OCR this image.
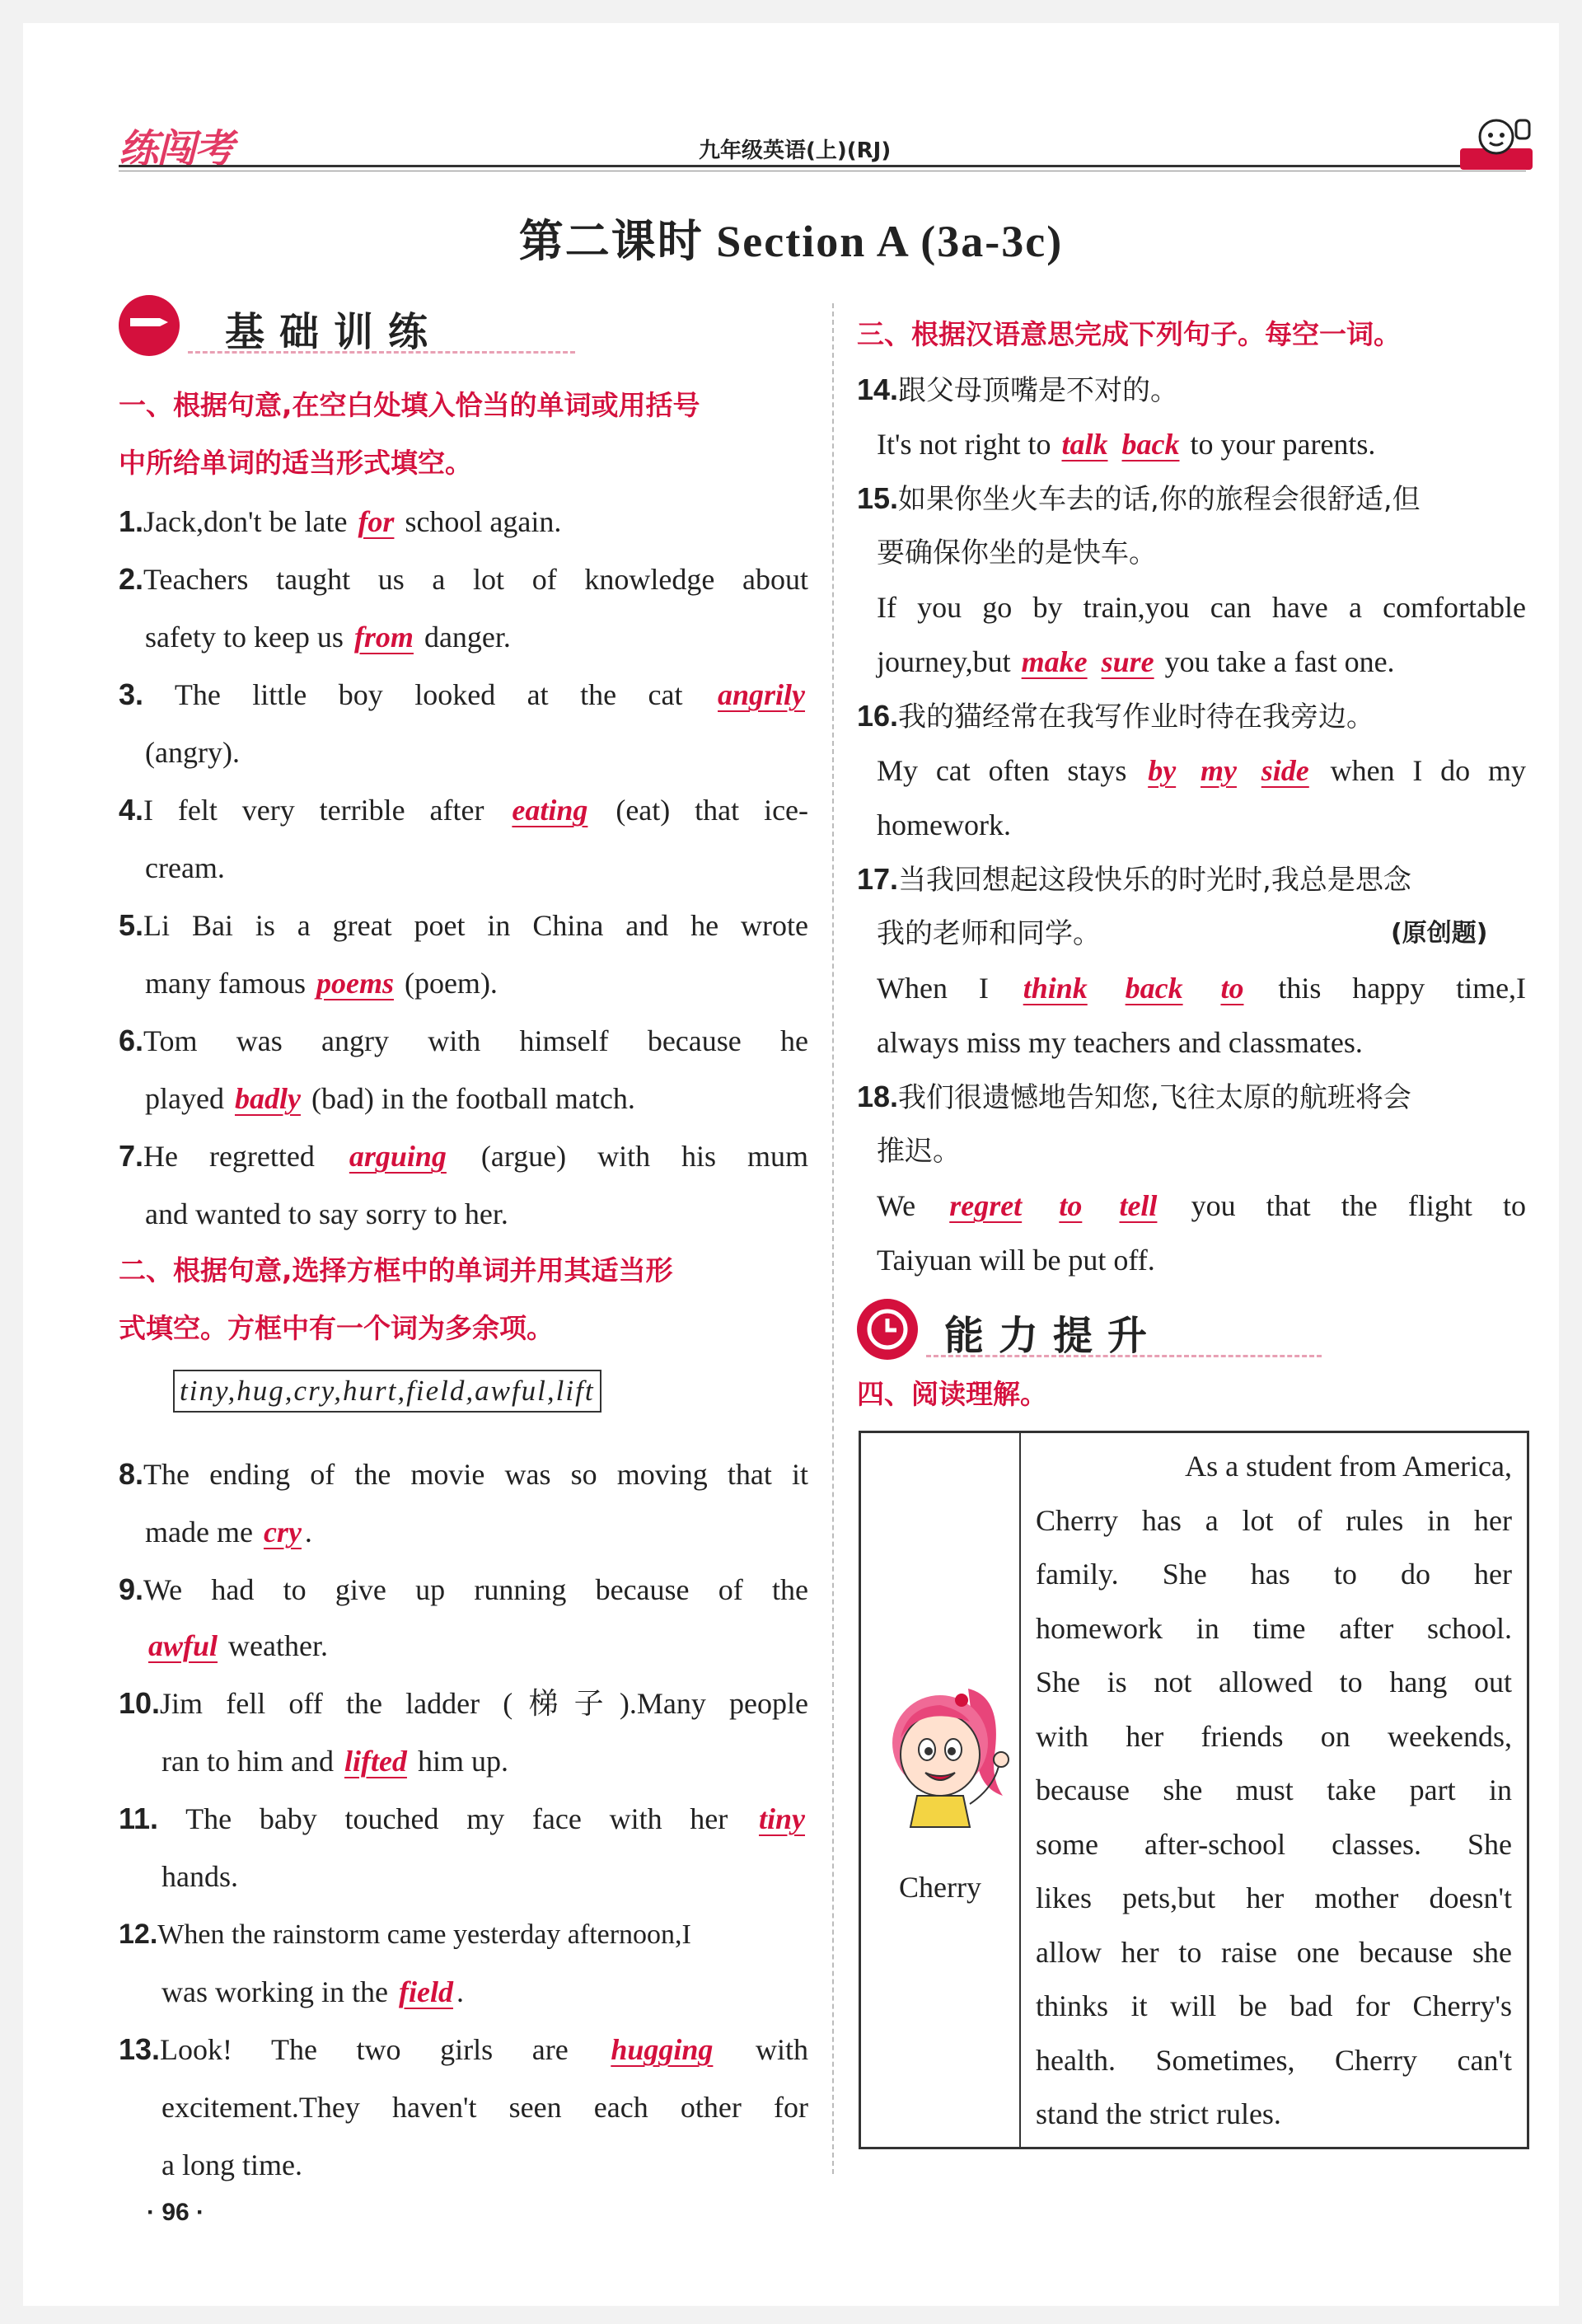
练闯考	九年级英语(上)(RJ)
第二课时 Section A (3a-3c)
基础训练
一、根据句意,在空白处填入恰当的单词或用括号
中所给单词的适当形式填空。
1.Jack,don't be late for school again.
2.Teachers taught us a lot of knowledge about
safety to keep us from danger.
3. The little boy looked at the cat angrily
(angry).
4.I felt very terrible after eating (eat) that ice-
cream.
5.Li Bai is a great poet in China and he wrote
many famous poems (poem).
6.Tom was angry with himself because he
played badly (bad) in the football match.
7.He regretted arguing (argue) with his mum
and wanted to say sorry to her.
二、根据句意,选择方框中的单词并用其适当形
式填空。方框中有一个词为多余项。
tiny,hug,cry,hurt,field,awful,lift
8.The ending of the movie was so moving that it
made me cry .
9.We had to give up running because of the
awful weather.
10.Jim fell off the ladder (梯子).Many people
ran to him and lifted him up.
11. The baby touched my face with her tiny
hands.
12.When the rainstorm came yesterday afternoon,I
was working in the field .
13.Look! The two girls are hugging with
excitement.They haven't seen each other for
a long time.
三、根据汉语意思完成下列句子。每空一词。
14.跟父母顶嘴是不对的。
It's not right to talk back to your parents.
15.如果你坐火车去的话,你的旅程会很舒适,但
要确保你坐的是快车。
If you go by train,you can have a comfortable
journey,but make sure you take a fast one.
16.我的猫经常在我写作业时待在我旁边。
My cat often stays by my side when I do my
homework.
17.当我回想起这段快乐的时光时,我总是思念
我的老师和同学。	(原创题)
When I think back to this happy time,I
always miss my teachers and classmates.
18.我们很遗憾地告知您,飞往太原的航班将会
推迟。
We regret to tell you that the flight to
Taiyuan will be put off.
能力提升
四、阅读理解。
Cherry
As a student from America,
Cherry has a lot of rules in her
family. She has to do her
homework in time after school.
She is not allowed to hang out
with her friends on weekends,
because she must take part in
some after-school classes. She
likes pets,but her mother doesn't
allow her to raise one because she
thinks it will be bad for Cherry's
health. Sometimes, Cherry can't
stand the strict rules.
· 96 ·
